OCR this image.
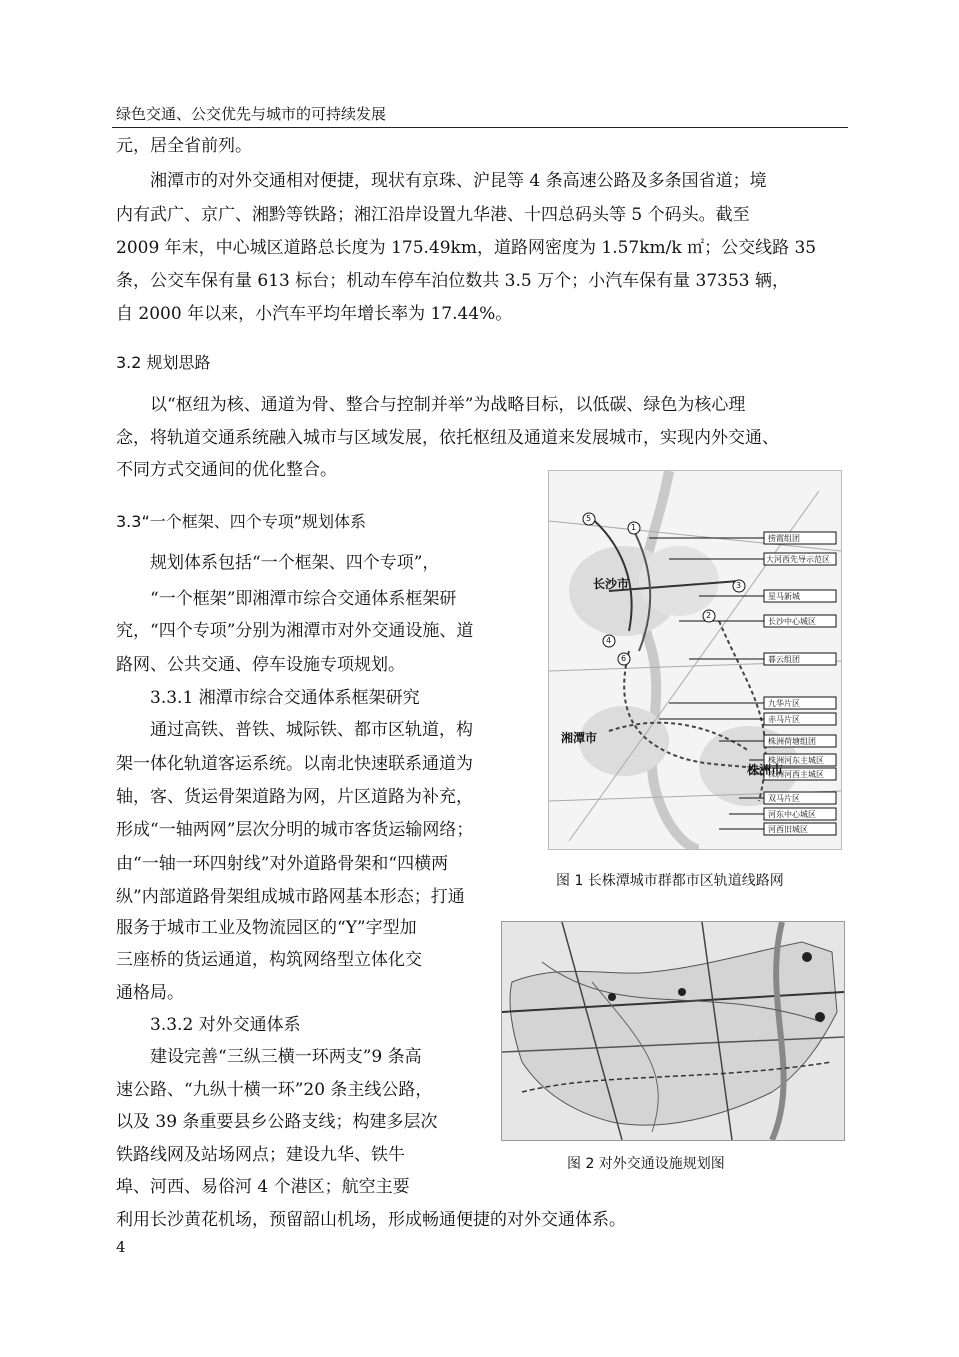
绿色交通、公交优先与城市的可持续发展
元，居全省前列。
湘潭市的对外交通相对便捷，现状有京珠、沪昆等 4 条高速公路及多条国省道；境
内有武广、京广、湘黔等铁路；湘江沿岸设置九华港、十四总码头等 5 个码头。截至
2009 年末，中心城区道路总长度为 175.49km，道路网密度为 1.57km/k ㎡；公交线路 35
条，公交车保有量 613 标台；机动车停车泊位数共 3.5 万个；小汽车保有量 37353 辆，
自 2000 年以来，小汽车平均年增长率为 17.44%。
3.2 规划思路
以“枢纽为核、通道为骨、整合与控制并举”为战略目标，以低碳、绿色为核心理
念，将轨道交通系统融入城市与区域发展，依托枢纽及通道来发展城市，实现内外交通、
不同方式交通间的优化整合。
3.3“一个框架、四个专项”规划体系
规划体系包括“一个框架、四个专项”，
“一个框架”即湘潭市综合交通体系框架研
究，“四个专项”分别为湘潭市对外交通设施、道
路网、公共交通、停车设施专项规划。
3.3.1 湘潭市综合交通体系框架研究
通过高铁、普铁、城际铁、都市区轨道，构
架一体化轨道客运系统。以南北快速联系通道为
轴，客、货运骨架道路为网，片区道路为补充，
形成“一轴两网”层次分明的城市客货运输网络；
由“一轴一环四射线”对外道路骨架和“四横两
纵”内部道路骨架组成城市路网基本形态；打通
服务于城市工业及物流园区的“Y”字型加
三座桥的货运通道，构筑网络型立体化交
通格局。
3.3.2 对外交通体系
建设完善“三纵三横一环两支”9 条高
速公路、“九纵十横一环”20 条主线公路，
以及 39 条重要县乡公路支线；构建多层次
铁路线网及站场网点；建设九华、铁牛
埠、河西、易俗河 4 个港区；航空主要
利用长沙黄花机场，预留韶山机场，形成畅通便捷的对外交通体系。
长沙市
湘潭市
株洲市
捞霞组团
大河西先导示范区
星马新城
长沙中心城区
暮云组团
九华片区
赤马片区
株洲荷塘组团
株洲河东主城区
株洲河西主城区
双马片区
河东中心城区
河西旧城区
5
1
3
2
6
4
图 1 长株潭城市群都市区轨道线路网
图 2 对外交通设施规划图
4
